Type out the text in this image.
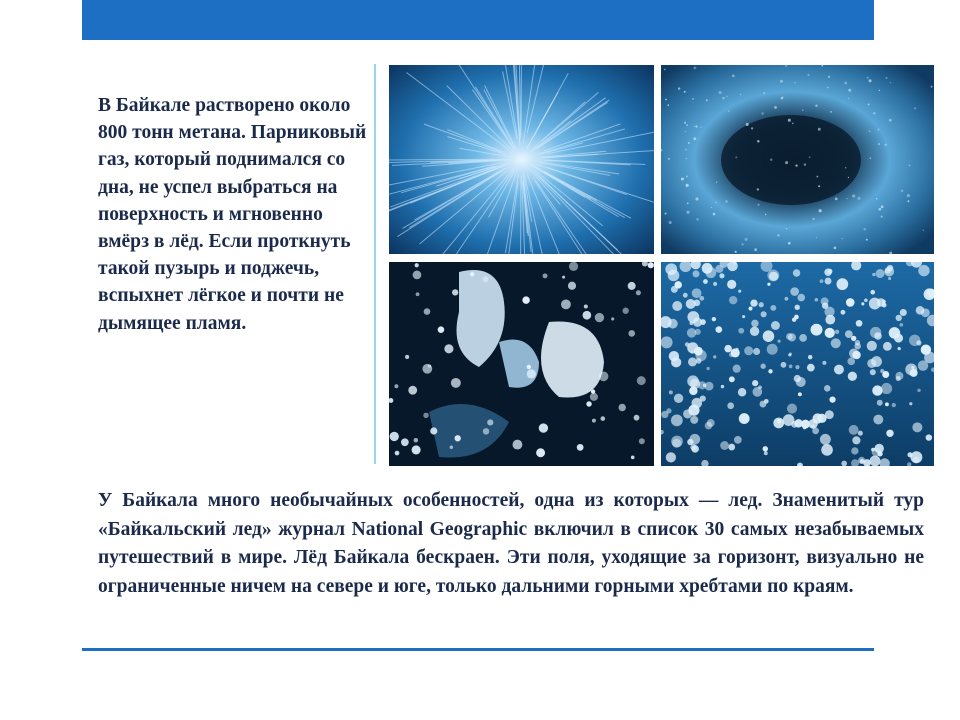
В Байкале растворено около 800 тонн метана. Парниковый газ, который поднимался со дна, не успел выбраться на поверхность и мгновенно вмёрз в лёд. Если проткнуть такой пузырь и поджечь, вспыхнет лёгкое и почти не дымящее пламя.

У Байкала много необычайных особенностей, одна из которых — лед. Знаменитый тур «Байкальский лед» журнал National Geographic включил в список 30 самых незабываемых путешествий в мире. Лёд Байкала бескраен. Эти поля, уходящие за горизонт, визуально не ограниченные ничем на севере и юге, только дальними горными хребтами по краям.
